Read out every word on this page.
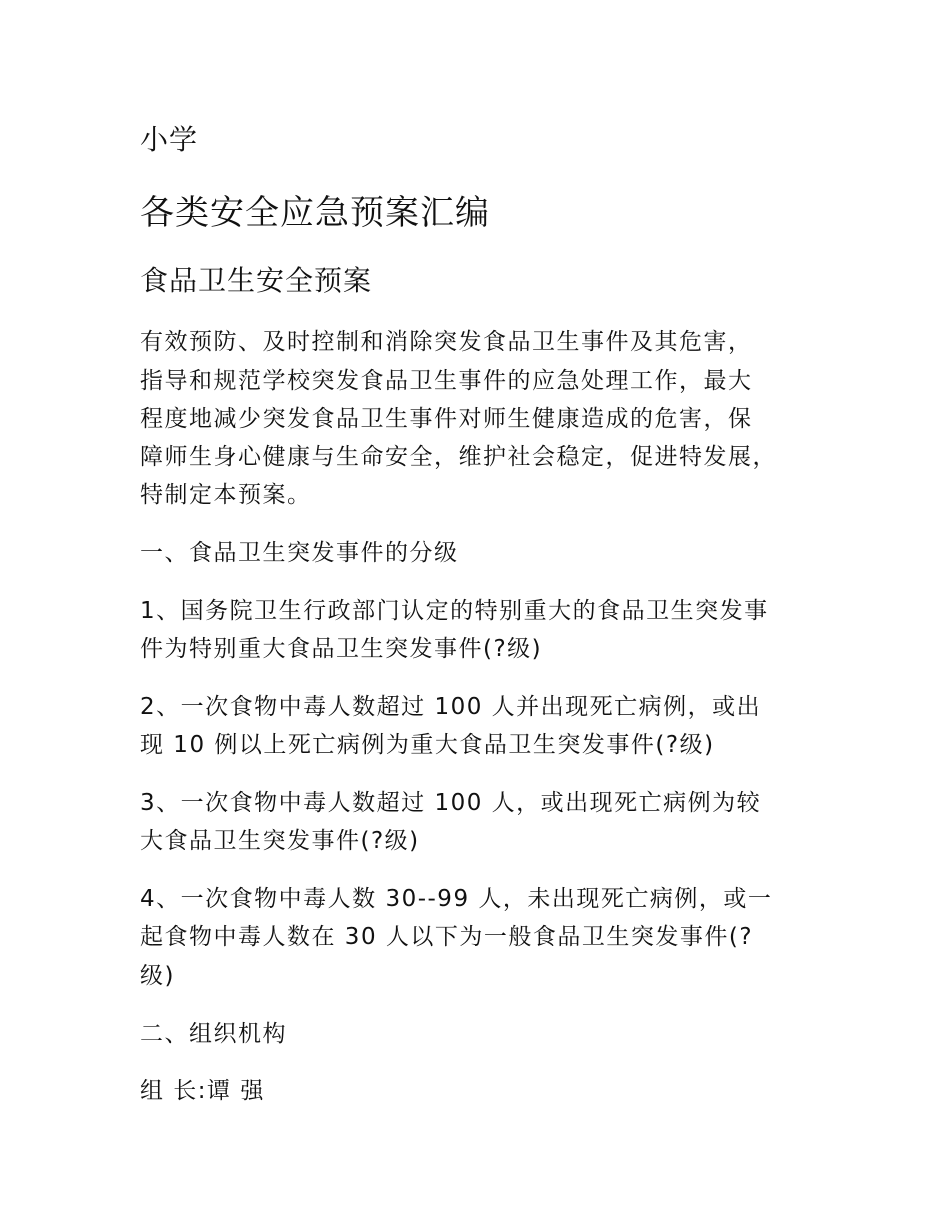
小学
各类安全应急预案汇编
食品卫生安全预案
有效预防、及时控制和消除突发食品卫生事件及其危害，
指导和规范学校突发食品卫生事件的应急处理工作，最大
程度地减少突发食品卫生事件对师生健康造成的危害，保
障师生身心健康与生命安全，维护社会稳定，促进特发展，
特制定本预案。
一、食品卫生突发事件的分级
1、国务院卫生行政部门认定的特别重大的食品卫生突发事
件为特别重大食品卫生突发事件(?级)
2、一次食物中毒人数超过 100 人并出现死亡病例，或出
现 10 例以上死亡病例为重大食品卫生突发事件(?级)
3、一次食物中毒人数超过 100 人，或出现死亡病例为较
大食品卫生突发事件(?级)
4、一次食物中毒人数 30--99 人，未出现死亡病例，或一
起食物中毒人数在 30 人以下为一般食品卫生突发事件(?
级)
二、组织机构
组 长:谭 强
